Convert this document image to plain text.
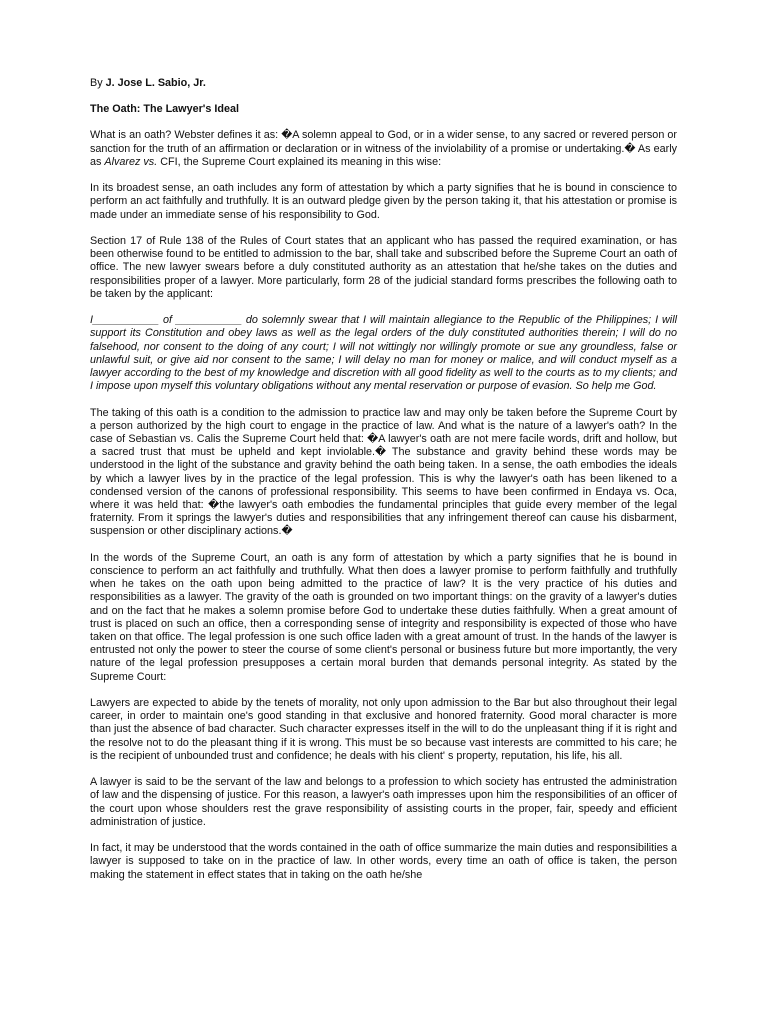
By J. Jose L. Sabio, Jr.
The Oath: The Lawyer's Ideal

What is an oath? Webster defines it as: �A solemn appeal to God, or in a wider sense, to any sacred or revered person or sanction for the truth of an affirmation or declaration or in witness of the inviolability of a promise or undertaking.� As early as Alvarez vs. CFI, the Supreme Court explained its meaning in this wise:

In its broadest sense, an oath includes any form of attestation by which a party signifies that he is bound in conscience to perform an act faithfully and truthfully. It is an outward pledge given by the person taking it, that his attestation or promise is made under an immediate sense of his responsibility to God.

Section 17 of Rule 138 of the Rules of Court states that an applicant who has passed the required examination, or has been otherwise found to be entitled to admission to the bar, shall take and subscribed before the Supreme Court an oath of office. The new lawyer swears before a duly constituted authority as an attestation that he/she takes on the duties and responsibilities proper of a lawyer. More particularly, form 28 of the judicial standard forms prescribes the following oath to be taken by the applicant:

I___________ of ___________ do solemnly swear that I will maintain allegiance to the Republic of the Philippines; I will support its Constitution and obey laws as well as the legal orders of the duly constituted authorities therein; I will do no falsehood, nor consent to the doing of any court; I will not wittingly nor willingly promote or sue any groundless, false or unlawful suit, or give aid nor consent to the same; I will delay no man for money or malice, and will conduct myself as a lawyer according to the best of my knowledge and discretion with all good fidelity as well to the courts as to my clients; and I impose upon myself this voluntary obligations without any mental reservation or purpose of evasion. So help me God.

The taking of this oath is a condition to the admission to practice law and may only be taken before the Supreme Court by a person authorized by the high court to engage in the practice of law. And what is the nature of a lawyer's oath? In the case of Sebastian vs. Calis the Supreme Court held that: �A lawyer's oath are not mere facile words, drift and hollow, but a sacred trust that must be upheld and kept inviolable.� The substance and gravity behind these words may be understood in the light of the substance and gravity behind the oath being taken. In a sense, the oath embodies the ideals by which a lawyer lives by in the practice of the legal profession. This is why the lawyer's oath has been likened to a condensed version of the canons of professional responsibility. This seems to have been confirmed in Endaya vs. Oca, where it was held that: �the lawyer's oath embodies the fundamental principles that guide every member of the legal fraternity. From it springs the lawyer's duties and responsibilities that any infringement thereof can cause his disbarment, suspension or other disciplinary actions.�

In the words of the Supreme Court, an oath is any form of attestation by which a party signifies that he is bound in conscience to perform an act faithfully and truthfully. What then does a lawyer promise to perform faithfully and truthfully when he takes on the oath upon being admitted to the practice of law? It is the very practice of his duties and responsibilities as a lawyer. The gravity of the oath is grounded on two important things: on the gravity of a lawyer's duties and on the fact that he makes a solemn promise before God to undertake these duties faithfully. When a great amount of trust is placed on such an office, then a corresponding sense of integrity and responsibility is expected of those who have taken on that office. The legal profession is one such office laden with a great amount of trust. In the hands of the lawyer is entrusted not only the power to steer the course of some client's personal or business future but more importantly, the very nature of the legal profession presupposes a certain moral burden that demands personal integrity. As stated by the Supreme Court:

Lawyers are expected to abide by the tenets of morality, not only upon admission to the Bar but also throughout their legal career, in order to maintain one's good standing in that exclusive and honored fraternity. Good moral character is more than just the absence of bad character. Such character expresses itself in the will to do the unpleasant thing if it is right and the resolve not to do the pleasant thing if it is wrong. This must be so because vast interests are committed to his care; he is the recipient of unbounded trust and confidence; he deals with his client' s property, reputation, his life, his all.

A lawyer is said to be the servant of the law and belongs to a profession to which society has entrusted the administration of law and the dispensing of justice. For this reason, a lawyer's oath impresses upon him the responsibilities of an officer of the court upon whose shoulders rest the grave responsibility of assisting courts in the proper, fair, speedy and efficient administration of justice.

In fact, it may be understood that the words contained in the oath of office summarize the main duties and responsibilities a lawyer is supposed to take on in the practice of law. In other words, every time an oath of office is taken, the person making the statement in effect states that in taking on the oath he/she
